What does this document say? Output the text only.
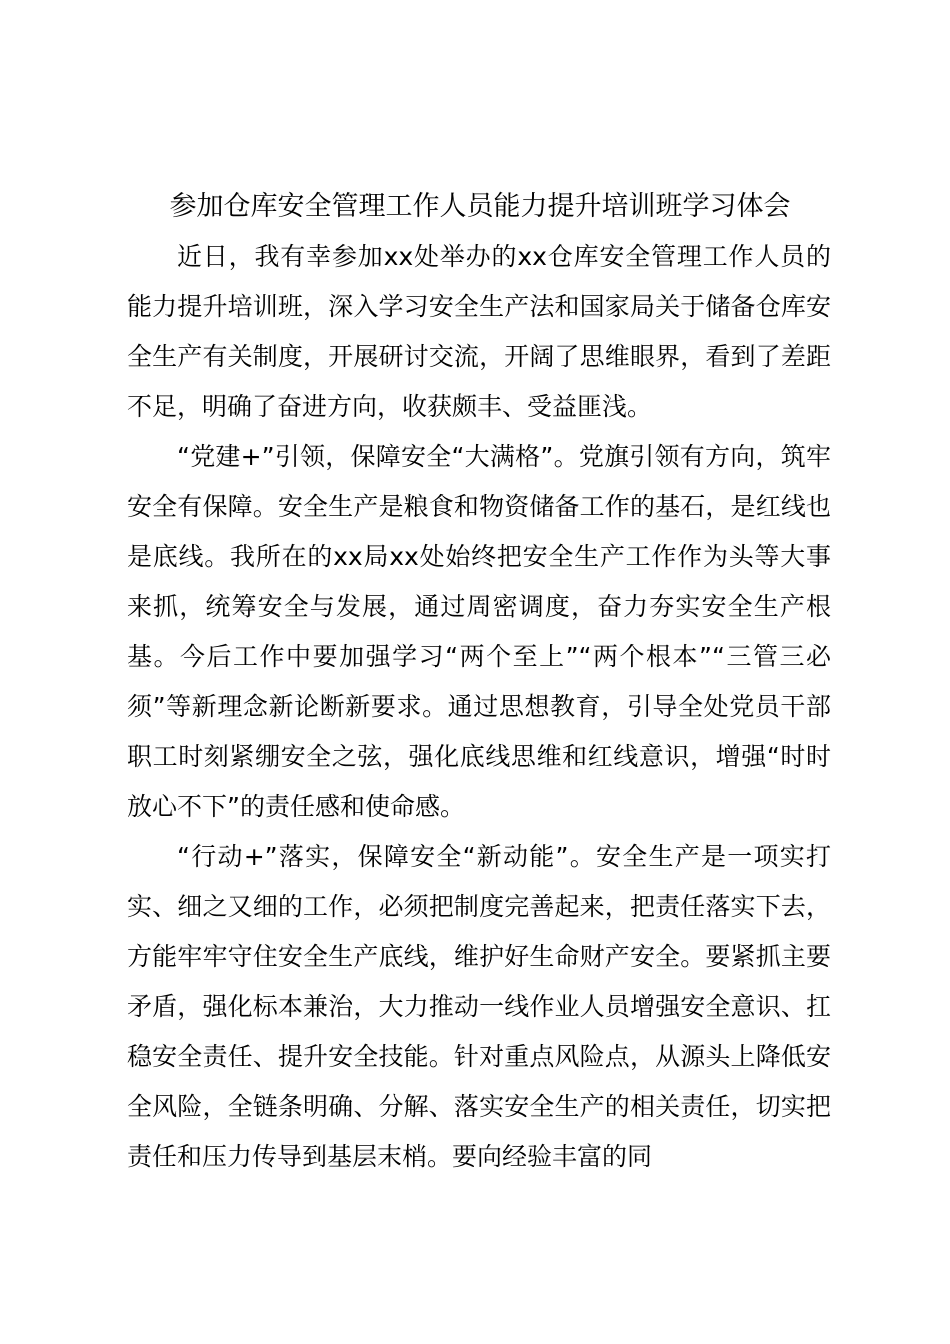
参加仓库安全管理工作人员能力提升培训班学习体会

近日，我有幸参加xx处举办的xx仓库安全管理工作人员的能力提升培训班，深入学习安全生产法和国家局关于储备仓库安全生产有关制度，开展研讨交流，开阔了思维眼界，看到了差距不足，明确了奋进方向，收获颇丰、受益匪浅。

“党建+”引领，保障安全“大满格”。党旗引领有方向，筑牢安全有保障。安全生产是粮食和物资储备工作的基石，是红线也是底线。我所在的xx局xx处始终把安全生产工作作为头等大事来抓，统筹安全与发展，通过周密调度，奋力夯实安全生产根基。今后工作中要加强学习“两个至上”“两个根本”“三管三必须”等新理念新论断新要求。通过思想教育，引导全处党员干部职工时刻紧绷安全之弦，强化底线思维和红线意识，增强“时时放心不下”的责任感和使命感。

“行动+”落实，保障安全“新动能”。安全生产是一项实打实、细之又细的工作，必须把制度完善起来，把责任落实下去，方能牢牢守住安全生产底线，维护好生命财产安全。要紧抓主要矛盾，强化标本兼治，大力推动一线作业人员增强安全意识、扛稳安全责任、提升安全技能。针对重点风险点，从源头上降低安全风险，全链条明确、分解、落实安全生产的相关责任，切实把责任和压力传导到基层末梢。要向经验丰富的同
